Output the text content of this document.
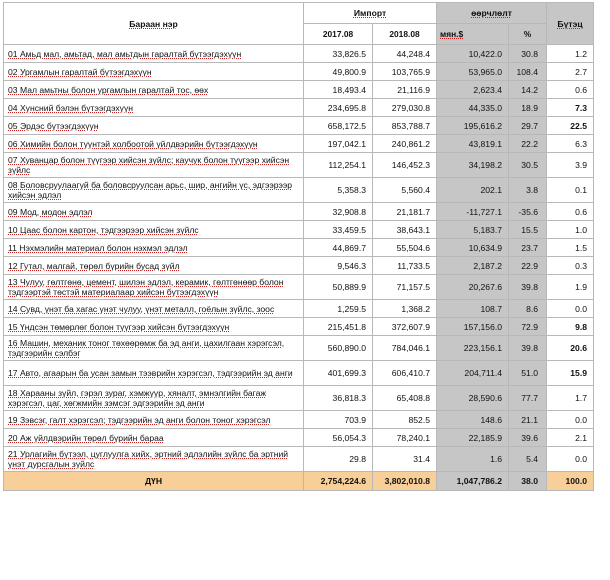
Бараан нэр	Импорт		өөрчлөлт		Бүтэц
	2017.08	2018.08	мян.$	%	
01 Амьд мал, амьтад, мал амьтдын гаралтай бүтээгдэхүүн	33,826.5	44,248.4	10,422.0	30.8	1.2
02 Ургамлын гаралтай бүтээгдэхүүн	49,800.9	103,765.9	53,965.0	108.4	2.7
03 Мал амьтны болон ургамлын гаралтай тос, өөх	18,493.4	21,116.9	2,623.4	14.2	0.6
04 Хүнсний бэлэн бүтээгдэхүүн	234,695.8	279,030.8	44,335.0	18.9	7.3
05 Эрдэс бүтээгдэхүүн	658,172.5	853,788.7	195,616.2	29.7	22.5
06 Химийн болон түүнтэй холбоотой үйлдвэрийн бүтээгдэхүүн	197,042.1	240,861.2	43,819.1	22.2	6.3
07 Хуванцар болон түүгээр хийсэн зүйлс; каучук болон түүгээр хийсэн зүйлс	112,254.1	146,452.3	34,198.2	30.5	3.9
08 Боловсруулаагүй ба боловсруулсан арьс, шир, ангийн үс, эдгээрээр хийсэн эдлэл	5,358.3	5,560.4	202.1	3.8	0.1
09 Мод, модон эдлэл	32,908.8	21,181.7	-11,727.1	-35.6	0.6
10 Цаас болон картон, тэдгээрээр хийсэн зүйлс	33,459.5	38,643.1	5,183.7	15.5	1.0
11 Нэхмэлийн материал болон нэхмэл эдлэл	44,869.7	55,504.6	10,634.9	23.7	1.5
12 Гутал, малгай, төрөл бүрийн бусад зүйл	9,546.3	11,733.5	2,187.2	22.9	0.3
13 Чулуу, гөлтгөнө, цемент, шилэн эдлэл, керамик, гөлтгөнөөр болон тэдгээртэй төстэй материалаар хийсэн бүтээгдэхүүн	50,889.9	71,157.5	20,267.6	39.8	1.9
14 Сувд, үнэт ба хагас үнэт чулуу, үнэт металл, гоёлын зүйлс, зоос	1,259.5	1,368.2	108.7	8.6	0.0
15 Үндсэн төмөрлөг болон түүгээр хийсэн бүтээгдэхүүн	215,451.8	372,607.9	157,156.0	72.9	9.8
16 Машин, механик тоног төхөөрөмж ба эд анги, цахилгаан хэрэгсэл, тэдгээрийн сэлбэг	560,890.0	784,046.1	223,156.1	39.8	20.6
17 Авто, агаарын ба усан замын тээврийн хэрэгсэл, тэдгээрийн эд анги	401,699.3	606,410.7	204,711.4	51.0	15.9
18 Харааны зүйл, гэрэл зураг, хэмжүүр, хяналт, эмнэлгийн багаж хэрэгсэл, цаг, хөгжмийн зэмсэг эдгээрийн эд анги	36,818.3	65,408.8	28,590.6	77.7	1.7
19 Зэвсэг, галт хэрэгсэл; тэдгээрийн эд анги болон тоног хэрэгсэл	703.9	852.5	148.6	21.1	0.0
20 Аж үйлдвэрийн төрөл бүрийн бараа	56,054.3	78,240.1	22,185.9	39.6	2.1
21 Урлагийн бүтээл, цуглуулга хийх, эртний эдлэлийн зүйлс ба эртний үнэт дурсгалын зүйлс	29.8	31.4	1.6	5.4	0.0
ДҮН	2,754,224.6	3,802,010.8	1,047,786.2	38.0	100.0
